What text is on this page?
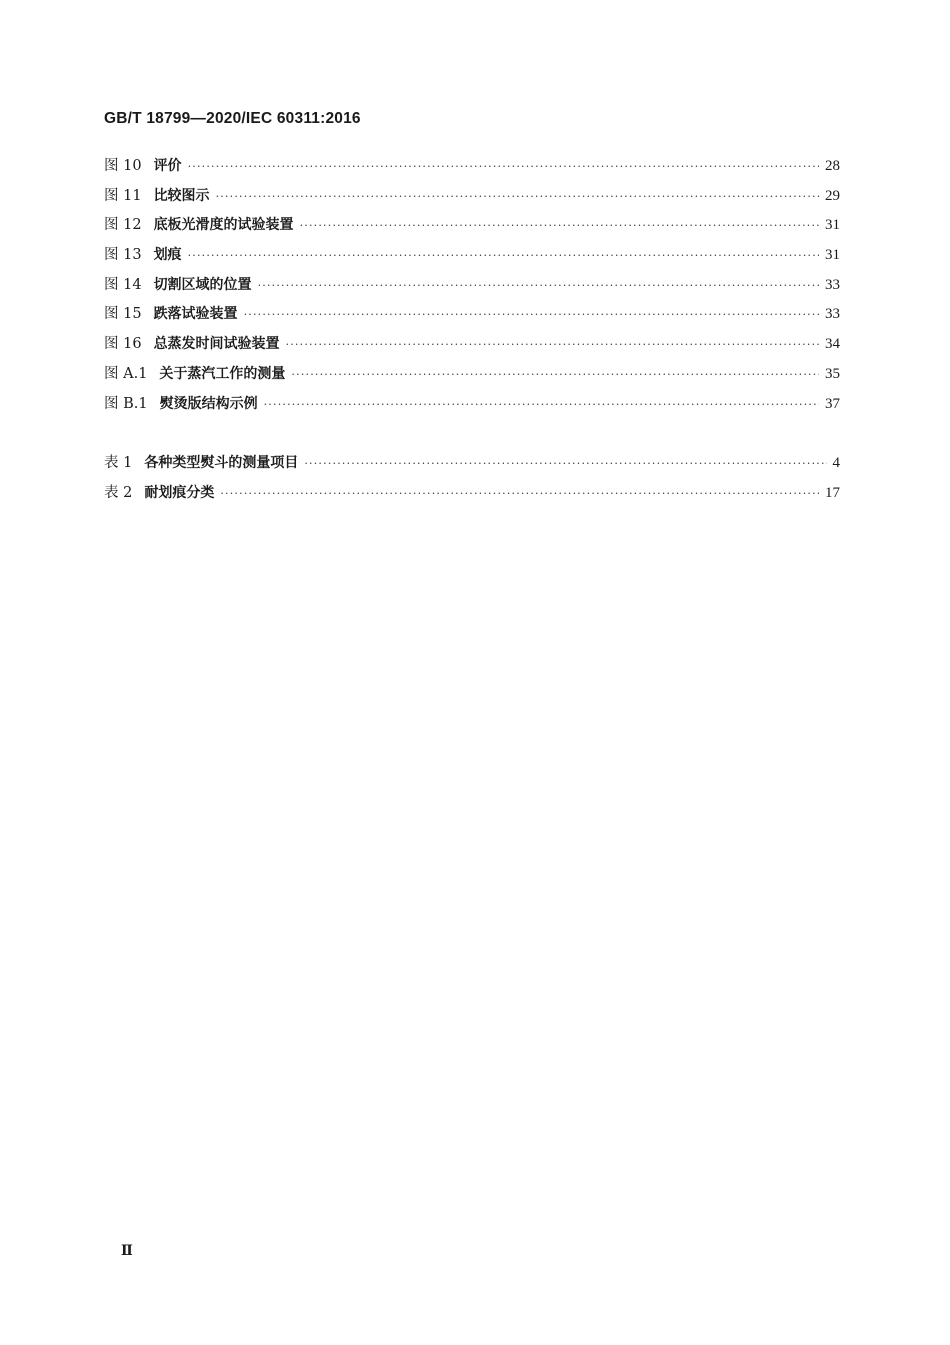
GB/T 18799—2020/IEC 60311:2016
图 10 评价 ·····	28
图 11 比较图示 ·····	29
图 12 底板光滑度的试验装置 ·····	31
图 13 划痕 ·····	31
图 14 切割区域的位置 ·····	33
图 15 跌落试验装置 ·····	33
图 16 总蒸发时间试验装置 ·····	34
图 A.1 关于蒸汽工作的测量 ·····	35
图 B.1 熨烫版结构示例 ·····	37
表 1 各种类型熨斗的测量项目 ·····	4
表 2 耐划痕分类 ·····	17
Ⅱ
